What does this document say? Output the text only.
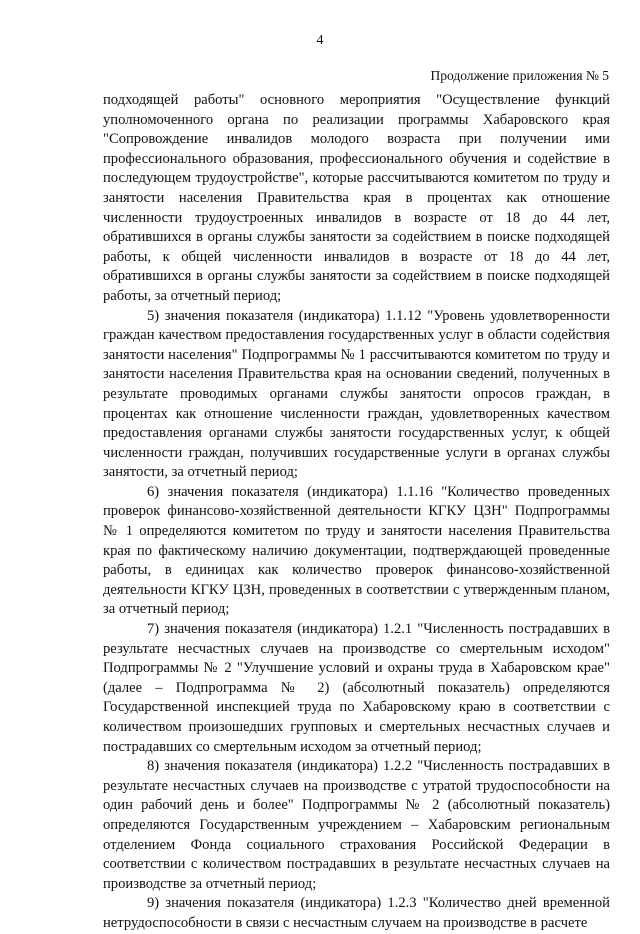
4
Продолжение приложения № 5

подходящей работы" основного мероприятия "Осуществление функций уполномоченного органа по реализации программы Хабаровского края "Сопровождение инвалидов молодого возраста при получении ими профессионального образования, профессионального обучения и содействие в последующем трудоустройстве", которые рассчитываются комитетом по труду и занятости населения Правительства края в процентах как отношение численности трудоустроенных инвалидов в возрасте от 18 до 44 лет, обратившихся в органы службы занятости за содействием в поиске подходящей работы, к общей численности инвалидов в возрасте от 18 до 44 лет, обратившихся в органы службы занятости за содействием в поиске подходящей работы, за отчетный период;

5) значения показателя (индикатора) 1.1.12 "Уровень удовлетворенности граждан качеством предоставления государственных услуг в области содействия занятости населения" Подпрограммы № 1 рассчитываются комитетом по труду и занятости населения Правительства края на основании сведений, полученных в результате проводимых органами службы занятости опросов граждан, в процентах как отношение численности граждан, удовлетворенных качеством предоставления органами службы занятости государственных услуг, к общей численности граждан, получивших государственные услуги в органах службы занятости, за отчетный период;

6) значения показателя (индикатора) 1.1.16 "Количество проведенных проверок финансово-хозяйственной деятельности КГКУ ЦЗН" Подпрограммы № 1 определяются комитетом по труду и занятости населения Правительства края по фактическому наличию документации, подтверждающей проведенные работы, в единицах как количество проверок финансово-хозяйственной деятельности КГКУ ЦЗН, проведенных в соответствии с утвержденным планом, за отчетный период;

7) значения показателя (индикатора) 1.2.1 "Численность пострадавших в результате несчастных случаев на производстве со смертельным исходом" Подпрограммы № 2 "Улучшение условий и охраны труда в Хабаровском крае" (далее – Подпрограмма № 2) (абсолютный показатель) определяются Государственной инспекцией труда по Хабаровскому краю в соответствии с количеством произошедших групповых и смертельных несчастных случаев и пострадавших со смертельным исходом за отчетный период;

8) значения показателя (индикатора) 1.2.2 "Численность пострадавших в результате несчастных случаев на производстве с утратой трудоспособности на один рабочий день и более" Подпрограммы № 2 (абсолютный показатель) определяются Государственным учреждением – Хабаровским региональным отделением Фонда социального страхования Российской Федерации в соответствии с количеством пострадавших в результате несчастных случаев на производстве за отчетный период;

9) значения показателя (индикатора) 1.2.3 "Количество дней временной нетрудоспособности в связи с несчастным случаем на производстве в расчете
